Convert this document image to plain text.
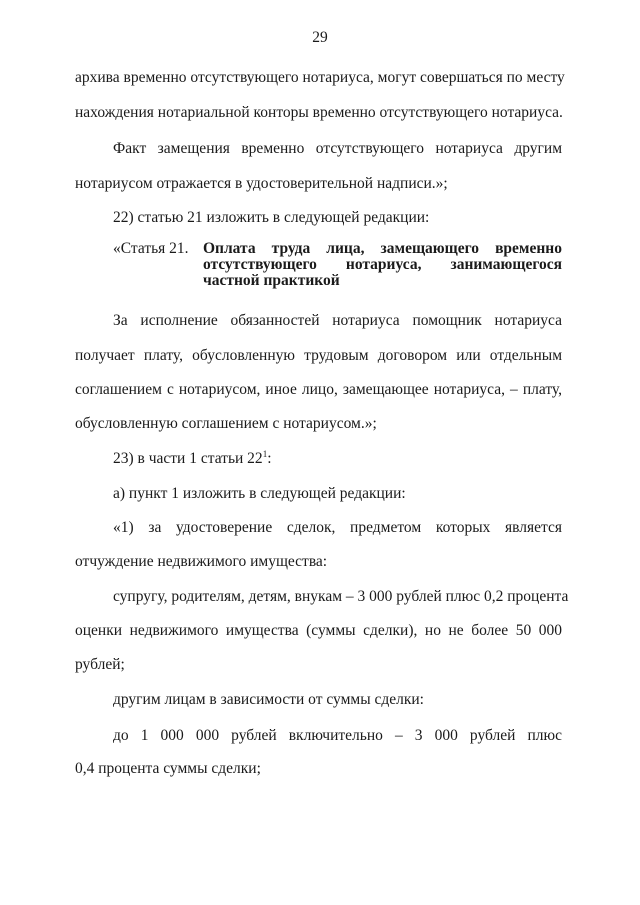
29
архива временно отсутствующего нотариуса, могут совершаться по месту
нахождения нотариальной конторы временно отсутствующего нотариуса.
Факт замещения временно отсутствующего нотариуса другим
нотариусом отражается в удостоверительной надписи.»;
22) статью 21 изложить в следующей редакции:
«Статья 21. Оплата труда лица, замещающего временно
отсутствующего нотариуса, занимающегося
частной практикой
За исполнение обязанностей нотариуса помощник нотариуса
получает плату, обусловленную трудовым договором или отдельным
соглашением с нотариусом, иное лицо, замещающее нотариуса, – плату,
обусловленную соглашением с нотариусом.»;
23) в части 1 статьи $22^1$:
а) пункт 1 изложить в следующей редакции:
«1) за удостоверение сделок, предметом которых является
отчуждение недвижимого имущества:
супругу, родителям, детям, внукам – 3 000 рублей плюс 0,2 процента
оценки недвижимого имущества (суммы сделки), но не более 50 000
рублей;
другим лицам в зависимости от суммы сделки:
до 1 000 000 рублей включительно – 3 000 рублей плюс
0,4 процента суммы сделки;
